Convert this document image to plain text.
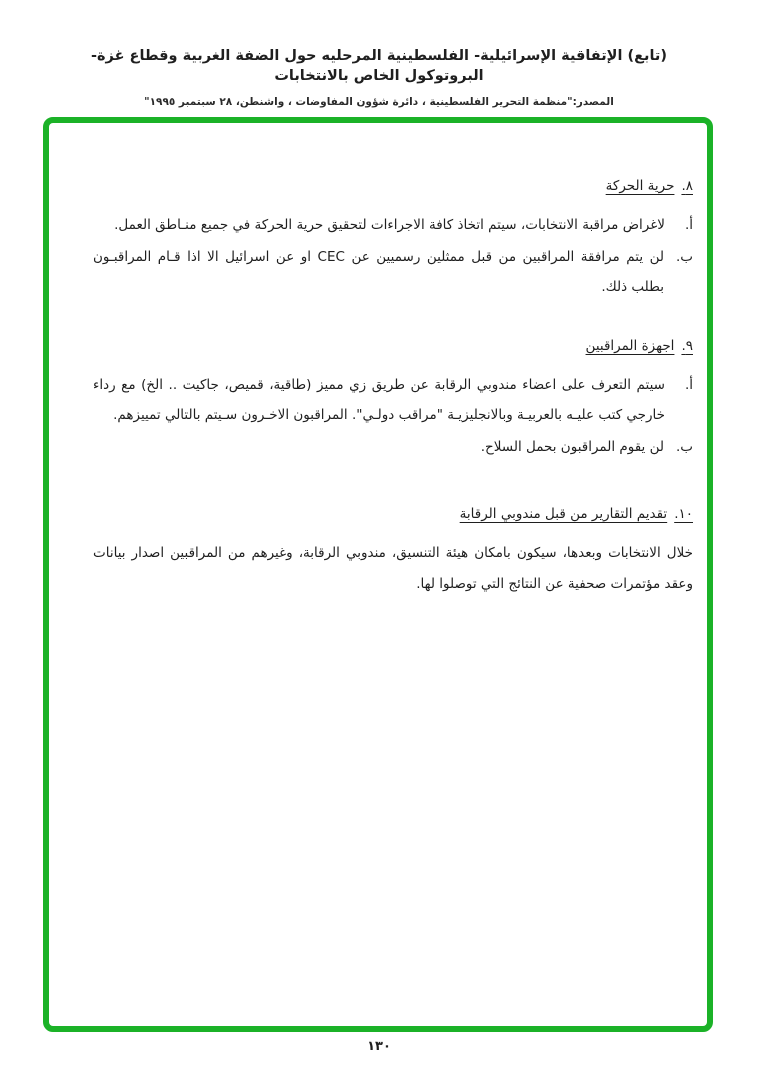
(تابع) الإتفاقية الإسرائيلية- الفلسطينية المرحليه حول الضفة الغربية وقطاع غزة- البروتوكول الخاص بالانتخابات
المصدر:"منظمة التحرير الفلسطينية ، دائرة شؤون المفاوضات ، واشنطن، ٢٨ سبتمبر ١٩٩٥"
٨.حرية الحركة
أ.
لاغراض مراقبة الانتخابات، سيتم اتخاذ كافة الاجراءات لتحقيق حرية الحركة في جميع منـاطق العمل.
ب.
لن يتم مرافقة المراقبين من قبل ممثلين رسميين عن CEC او عن اسرائيل الا اذا قـام المراقبـون بطلب ذلك.
٩.اجهزة المراقبين
أ.
سيتم التعرف على اعضاء مندوبي الرقابة عن طريق زي مميز (طاقية، قميص، جاكيت .. الخ) مع رداء خارجي كتب عليـه بالعربيـة وبالانجليزيـة "مراقب دولـي". المراقبون الاخـرون سـيتم بالتالي تمييزهم.
ب.
لن يقوم المراقبون بحمل السلاح.
١٠.تقديم التقارير من قبل مندوبي الرقابة
خلال الانتخابات وبعدها، سيكون بامكان هيئة التنسيق، مندوبي الرقابة، وغيرهم من المراقبين اصدار بيانات وعقد مؤتمرات صحفية عن النتائج التي توصلوا لها.
١٣٠
